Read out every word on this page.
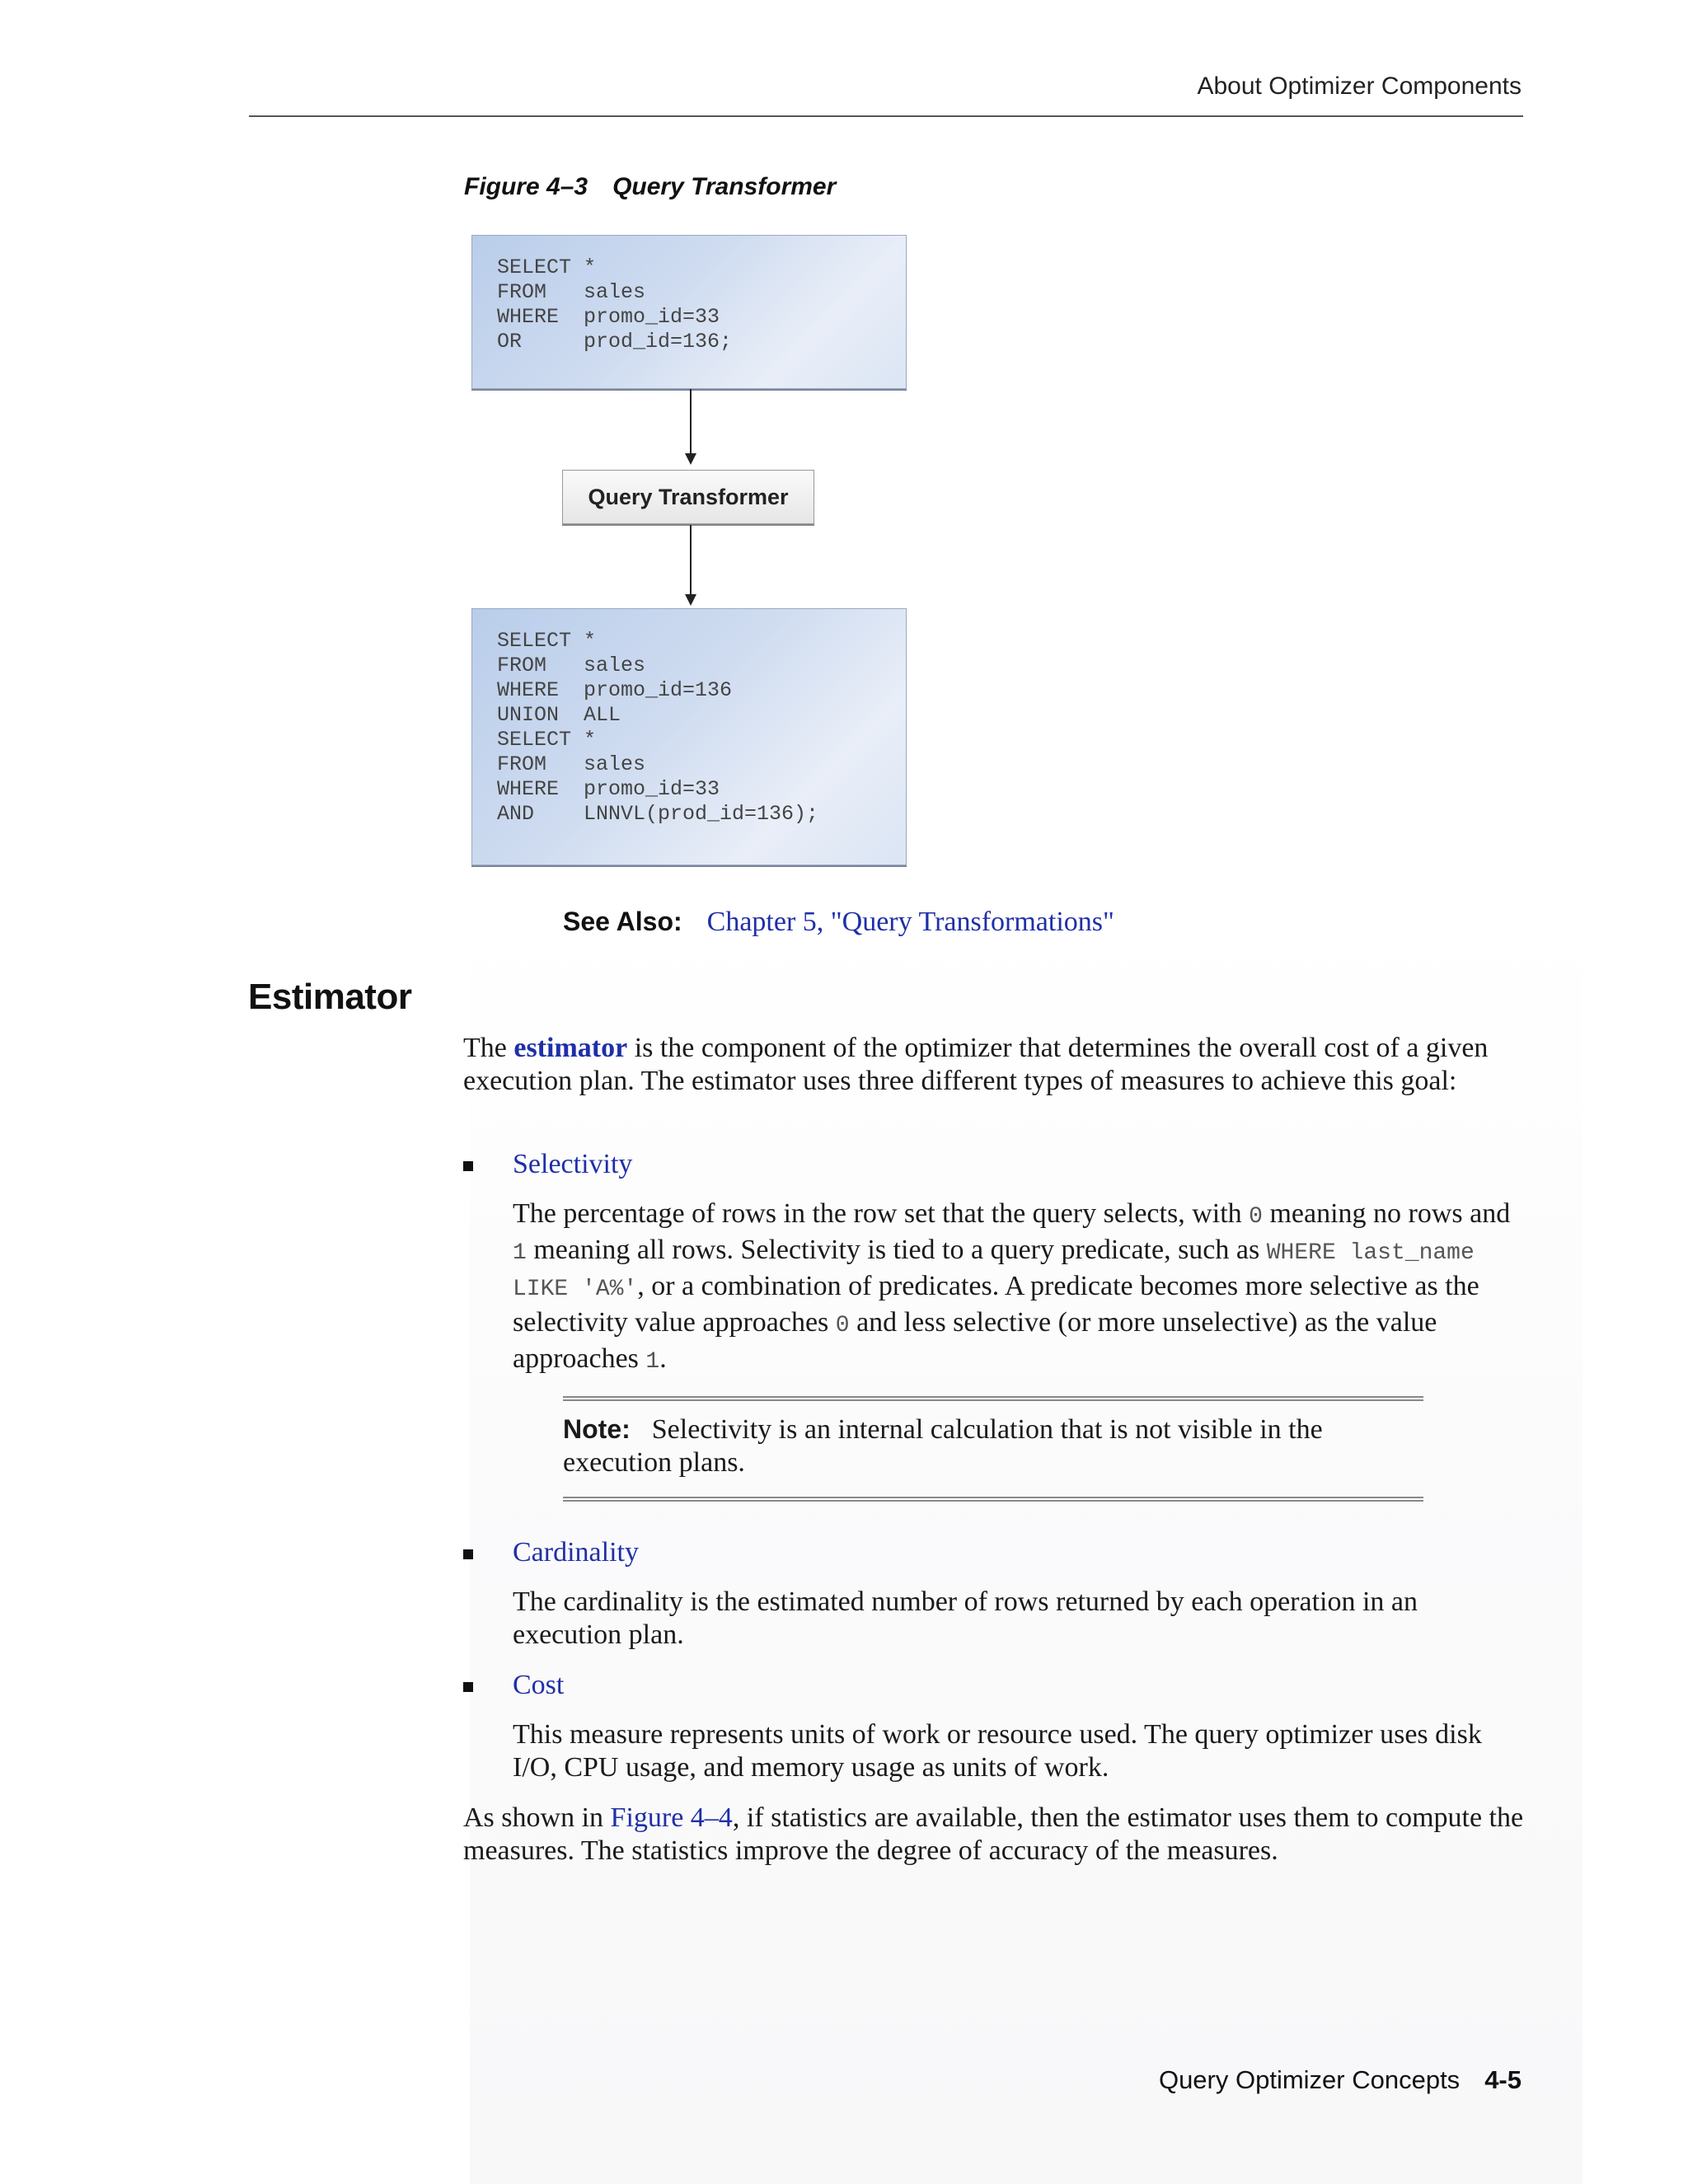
About Optimizer Components
Figure 4–3 Query Transformer
SELECT *
FROM   sales
WHERE  promo_id=33
OR     prod_id=136;
Query Transformer
SELECT *
FROM   sales
WHERE  promo_id=136
UNION  ALL
SELECT *
FROM   sales
WHERE  promo_id=33
AND    LNNVL(prod_id=136);
See Also: Chapter 5, "Query Transformations"
Estimator

The estimator is the component of the optimizer that determines the overall cost of a given execution plan. The estimator uses three different types of measures to achieve this goal:

Selectivity

The percentage of rows in the row set that the query selects, with 0 meaning no rows and 1 meaning all rows. Selectivity is tied to a query predicate, such as WHERE last_name LIKE 'A%', or a combination of predicates. A predicate becomes more selective as the selectivity value approaches 0 and less selective (or more unselective) as the value approaches 1.

Note: Selectivity is an internal calculation that is not visible in the execution plans.

Cardinality

The cardinality is the estimated number of rows returned by each operation in an execution plan.

Cost

This measure represents units of work or resource used. The query optimizer uses disk I/O, CPU usage, and memory usage as units of work.

As shown in Figure 4–4, if statistics are available, then the estimator uses them to compute the measures. The statistics improve the degree of accuracy of the measures.

Query Optimizer Concepts 4-5
